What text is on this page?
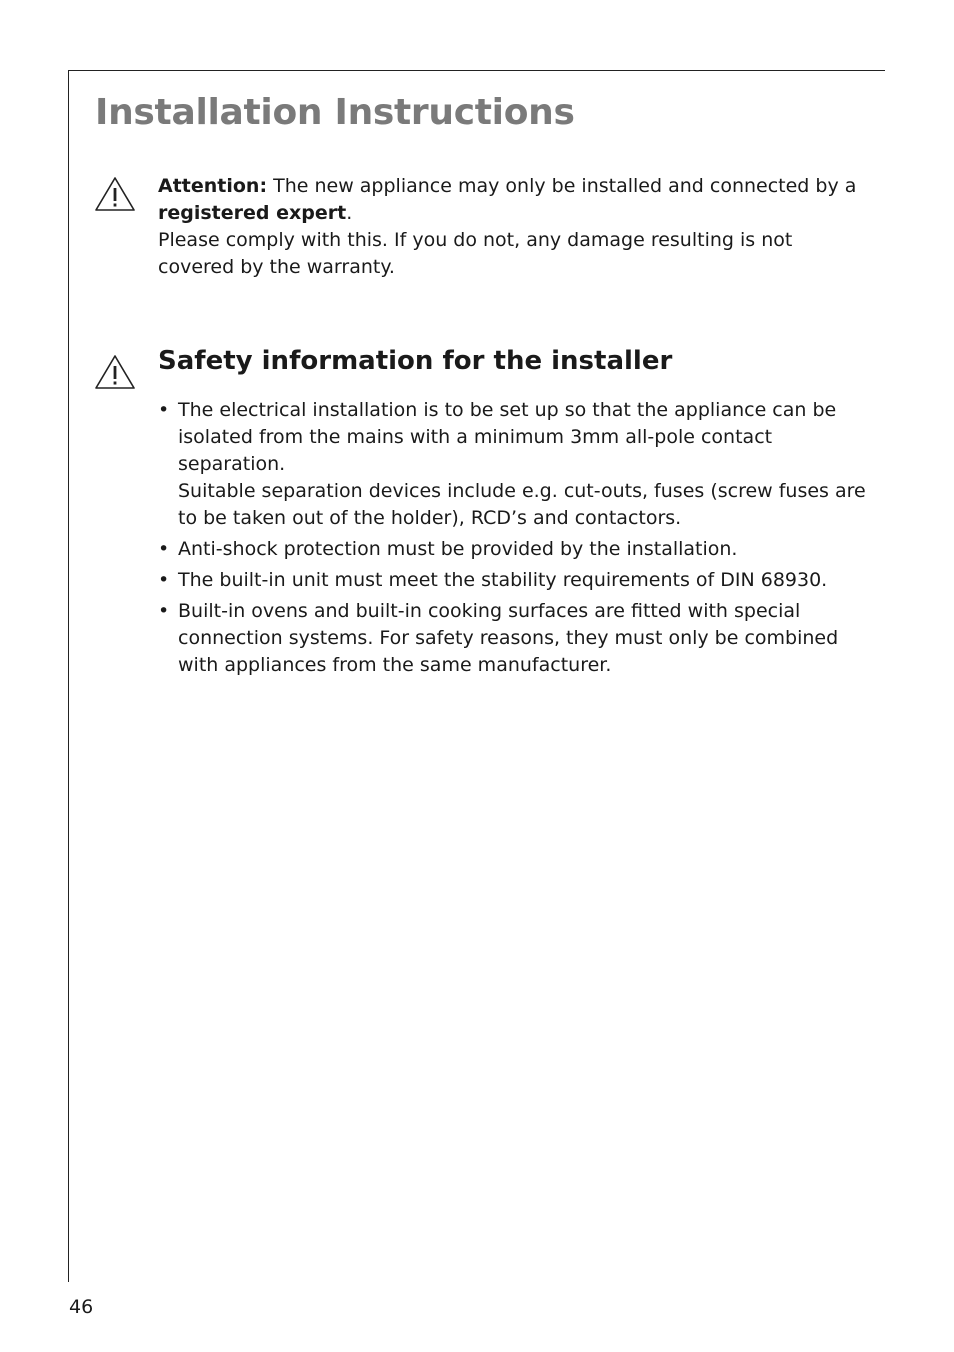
Installation Instructions

Attention: The new appliance may only be installed and connected by a registered expert.

Please comply with this. If you do not, any damage resulting is not covered by the warranty.

Safety information for the installer
• The electrical installation is to be set up so that the appliance can be isolated from the mains with a minimum 3mm all-pole contact separation.
Suitable separation devices include e.g. cut-outs, fuses (screw fuses are to be taken out of the holder), RCD’s and contactors.
• Anti-shock protection must be provided by the installation.
• The built-in unit must meet the stability requirements of DIN 68930.
• Built-in ovens and built-in cooking surfaces are fitted with special connection systems. For safety reasons, they must only be combined with appliances from the same manufacturer.
46
